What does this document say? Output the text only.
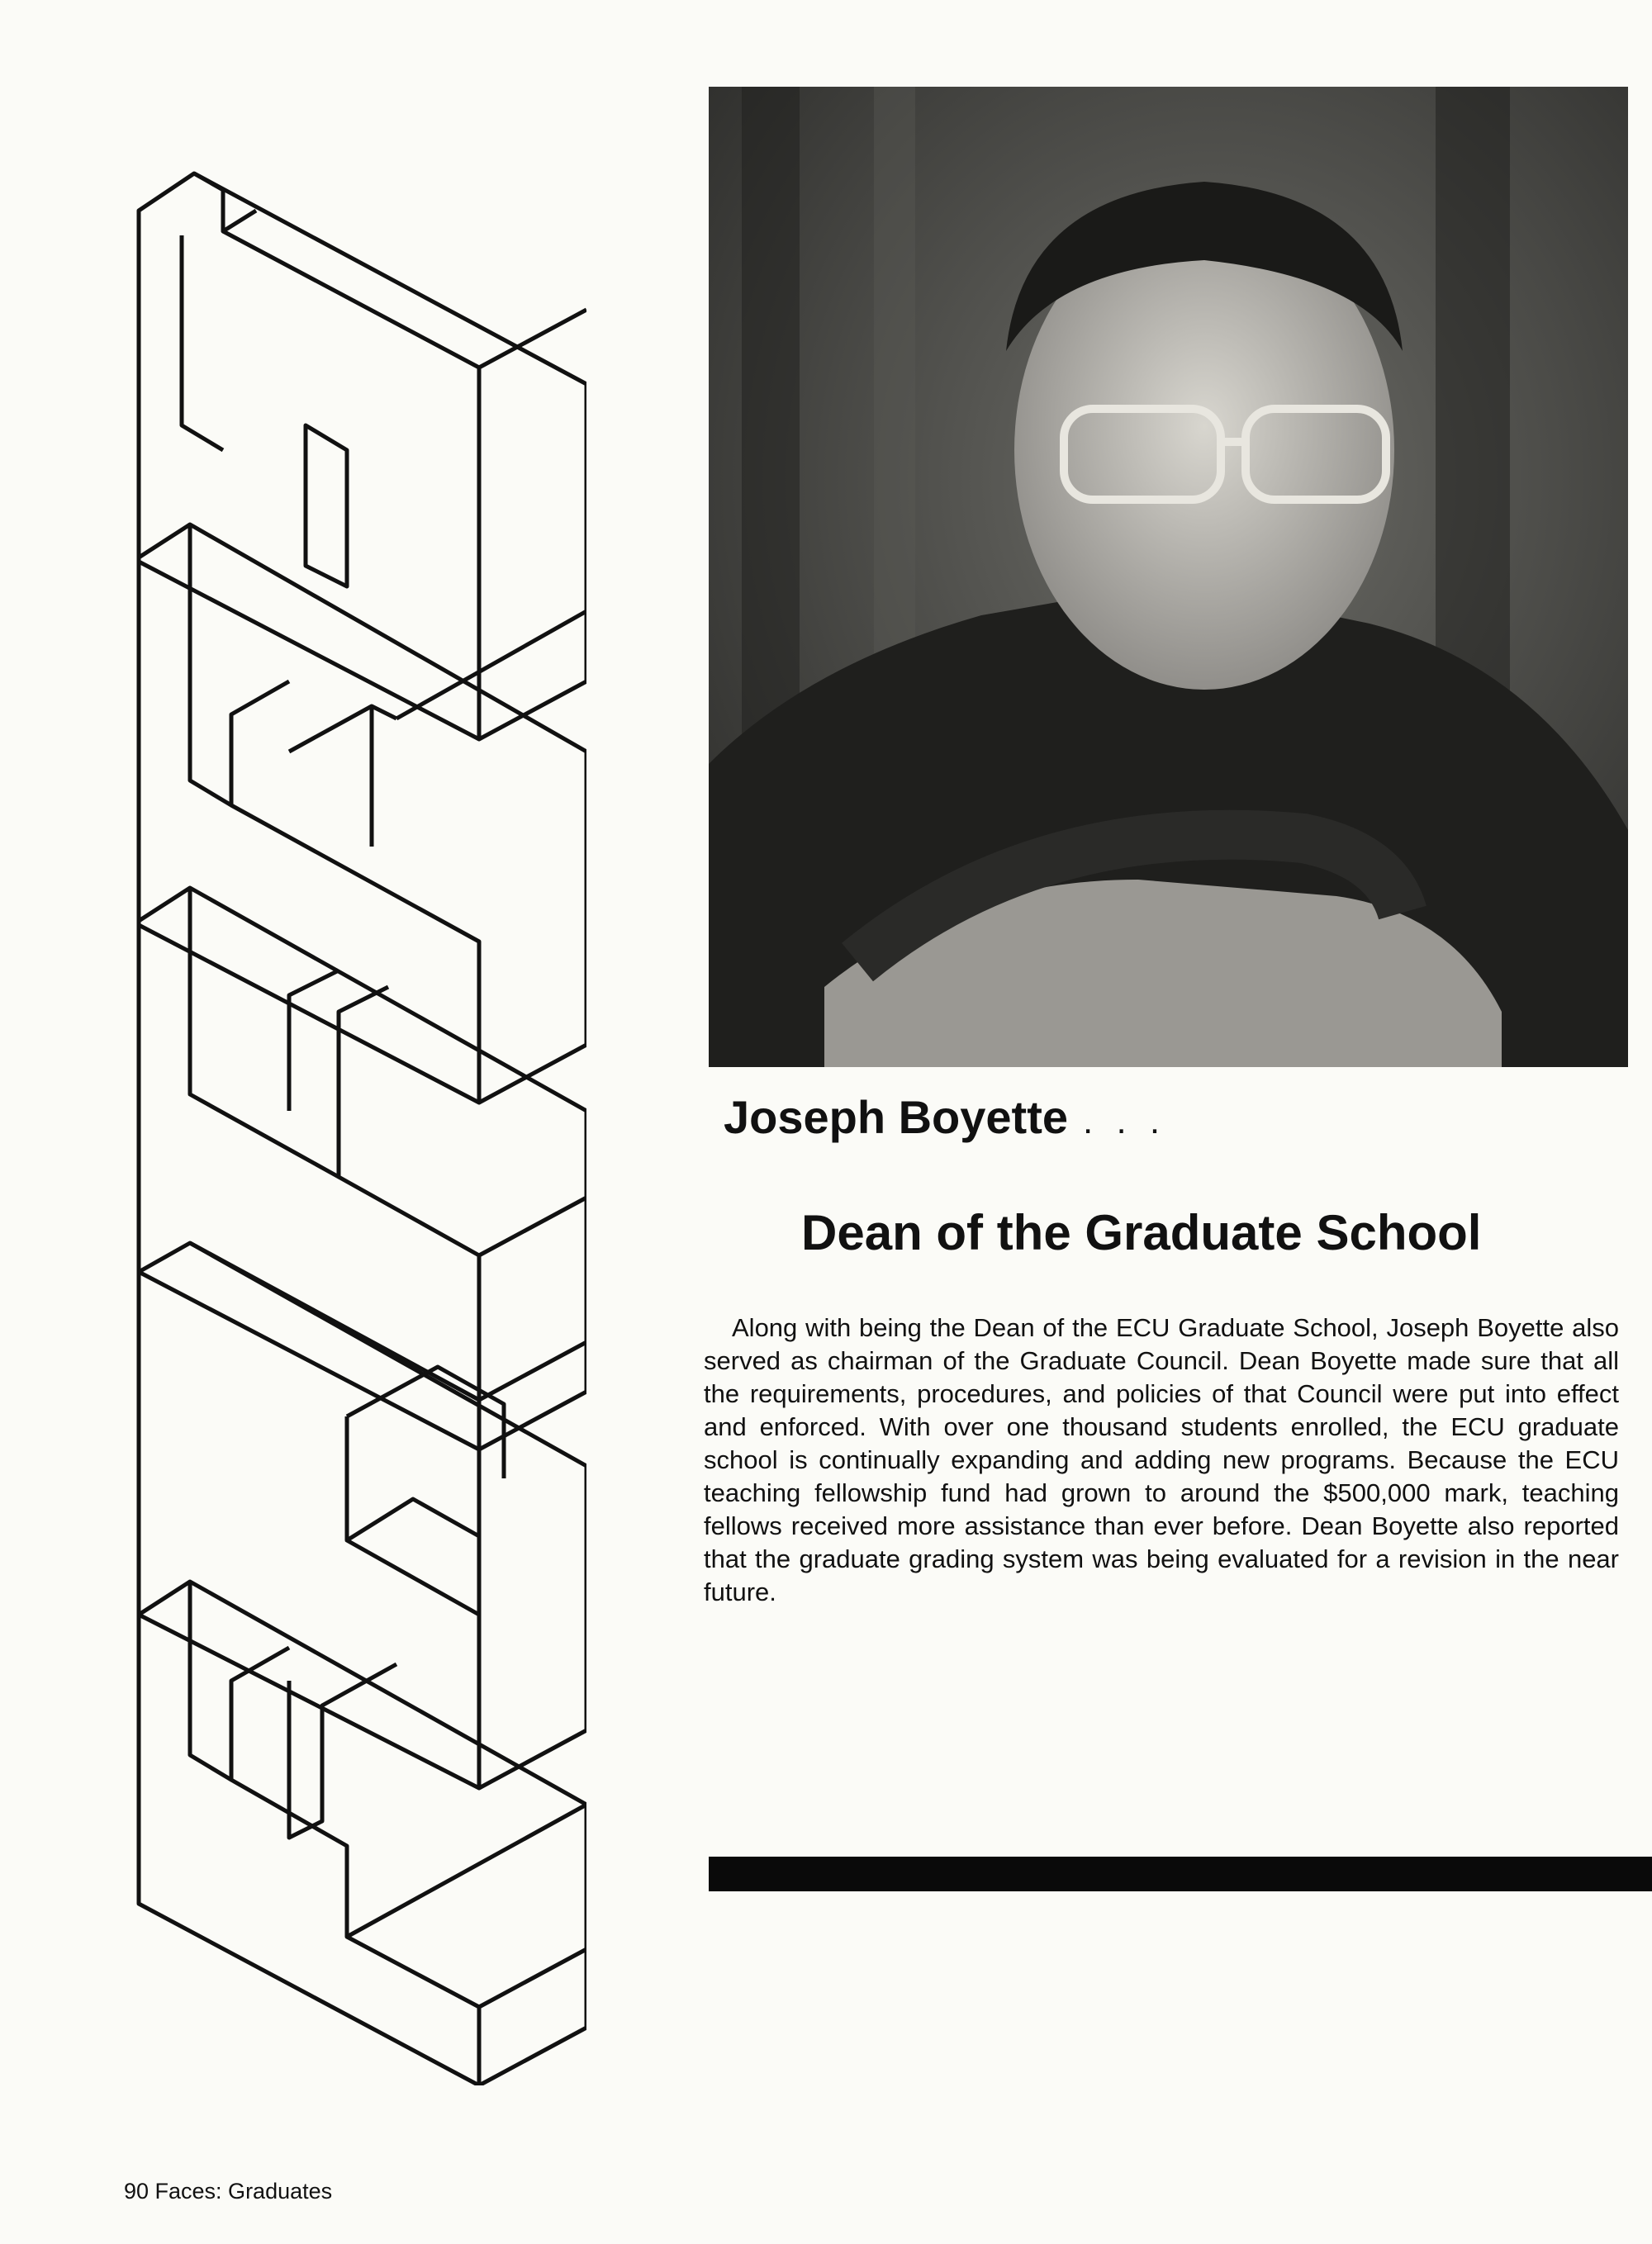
Joseph Boyette . . .
Dean of the Graduate School

Along with being the Dean of the ECU Graduate School, Joseph Boyette also served as chairman of the Graduate Council. Dean Boyette made sure that all the requirements, procedures, and policies of that Council were put into effect and enforced. With over one thousand students enrolled, the ECU graduate school is continually expanding and adding new programs. Because the ECU teaching fellowship fund had grown to around the $500,000 mark, teaching fellows received more assistance than ever before. Dean Boyette also reported that the graduate grading system was being evaluated for a revision in the near future.

90 Faces: Graduates
